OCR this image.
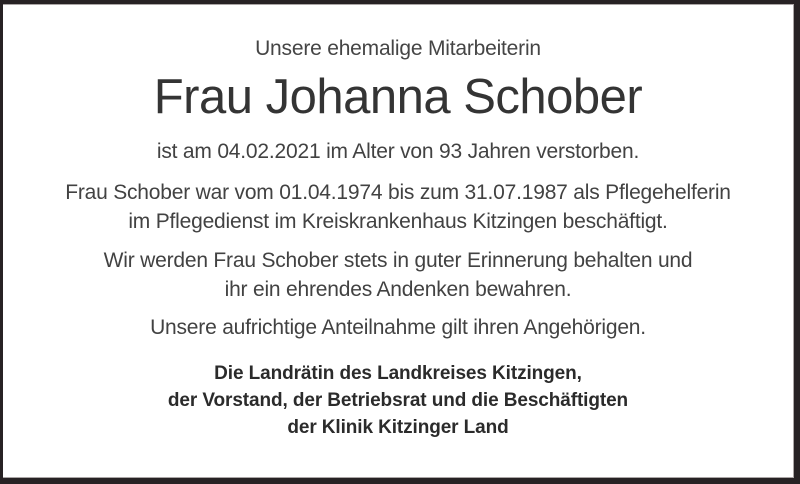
Unsere ehemalige Mitarbeiterin

Frau Johanna Schober

ist am 04.02.2021 im Alter von 93 Jahren verstorben.

Frau Schober war vom 01.04.1974 bis zum 31.07.1987 als Pflegehelferin
im Pflegedienst im Kreiskrankenhaus Kitzingen beschäftigt.

Wir werden Frau Schober stets in guter Erinnerung behalten und
ihr ein ehrendes Andenken bewahren.

Unsere aufrichtige Anteilnahme gilt ihren Angehörigen.

Die Landrätin des Landkreises Kitzingen,
der Vorstand, der Betriebsrat und die Beschäftigten
der Klinik Kitzinger Land
